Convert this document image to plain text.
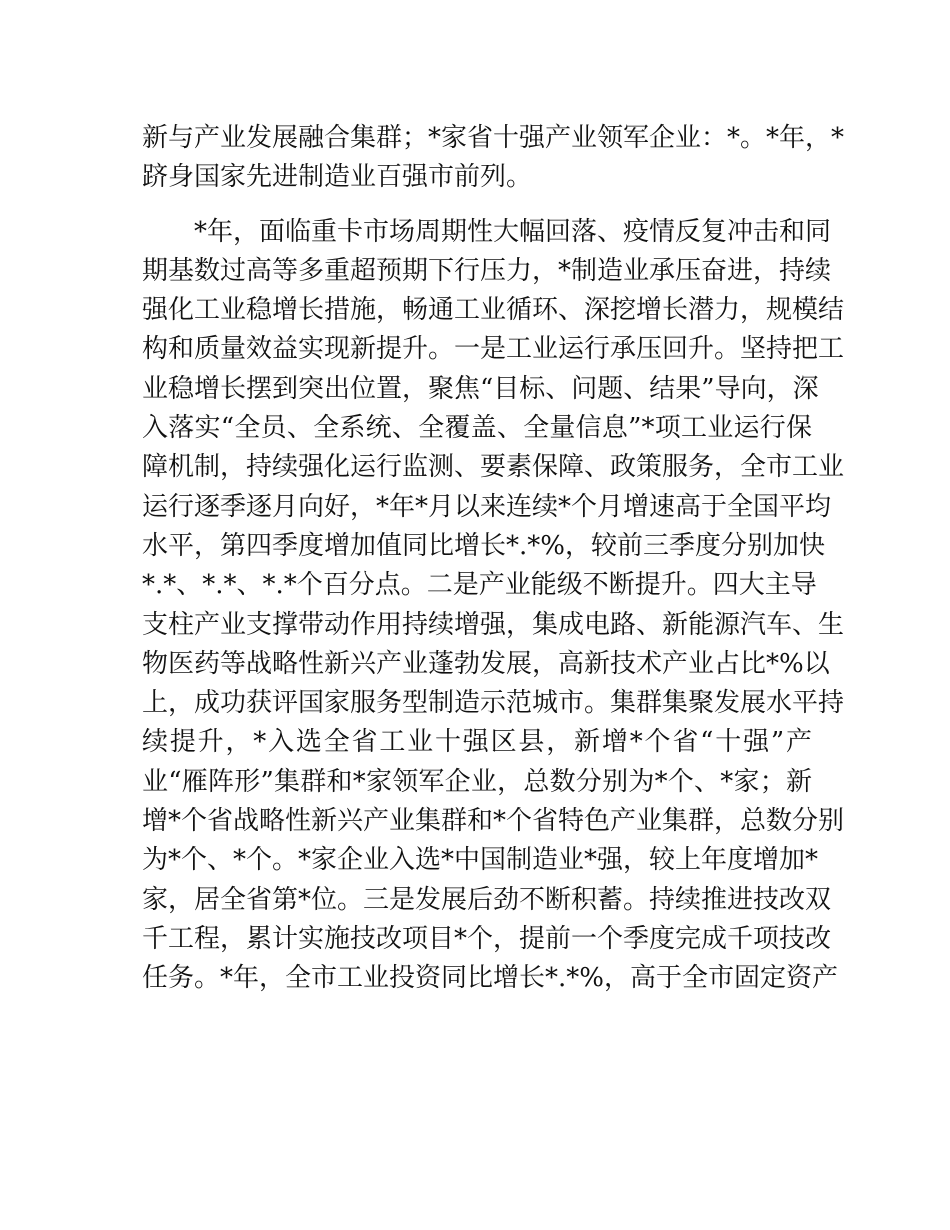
新与产业发展融合集群；*家省十强产业领军企业：*。*年，*
跻身国家先进制造业百强市前列。
*年，面临重卡市场周期性大幅回落、疫情反复冲击和同
期基数过高等多重超预期下行压力，*制造业承压奋进，持续
强化工业稳增长措施，畅通工业循环、深挖增长潜力，规模结
构和质量效益实现新提升。一是工业运行承压回升。坚持把工
业稳增长摆到突出位置，聚焦“目标、问题、结果”导向，深
入落实“全员、全系统、全覆盖、全量信息”*项工业运行保
障机制，持续强化运行监测、要素保障、政策服务，全市工业
运行逐季逐月向好，*年*月以来连续*个月增速高于全国平均
水平，第四季度增加值同比增长*.*%，较前三季度分别加快
*.*、*.*、*.*个百分点。二是产业能级不断提升。四大主导
支柱产业支撑带动作用持续增强，集成电路、新能源汽车、生
物医药等战略性新兴产业蓬勃发展，高新技术产业占比*%以
上，成功获评国家服务型制造示范城市。集群集聚发展水平持
续提升，*入选全省工业十强区县，新增*个省“十强”产
业“雁阵形”集群和*家领军企业，总数分别为*个、*家；新
增*个省战略性新兴产业集群和*个省特色产业集群，总数分别
为*个、*个。*家企业入选*中国制造业*强，较上年度增加*
家，居全省第*位。三是发展后劲不断积蓄。持续推进技改双
千工程，累计实施技改项目*个，提前一个季度完成千项技改
任务。*年，全市工业投资同比增长*.*%，高于全市固定资产
